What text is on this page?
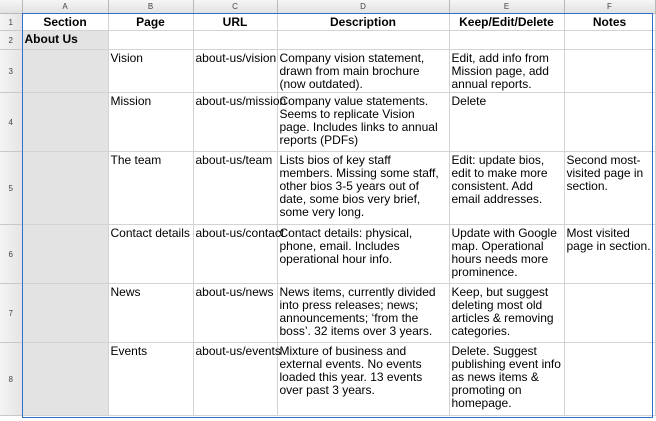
	A	B	C	D	E	F
1	Section	Page	URL	Description	Keep/Edit/Delete	Notes
2	About Us					
3		Vision	about-us/vision	Company vision statement, drawn from main brochure (now outdated).	Edit, add info from Mission page, add annual reports.	
4		Mission	about-us/mission	Company value statements. Seems to replicate Vision page. Includes links to annual reports (PDFs)	Delete	
5		The team	about-us/team	Lists bios of key staff members. Missing some staff, other bios 3-5 years out of date, some bios very brief, some very long.	Edit: update bios, edit to make more consistent. Add email addresses.	Second most-visited page in section.
6		Contact details	about-us/contact	Contact details: physical, phone, email. Includes operational hour info.	Update with Google map. Operational hours needs more prominence.	Most visited page in section.
7		News	about-us/news	News items, currently divided into press releases; news; announcements; ‘from the boss’. 32 items over 3 years.	Keep, but suggest deleting most old articles & removing categories.	
8		Events	about-us/events	Mixture of business and external events. No events loaded this year. 13 events over past 3 years.	Delete. Suggest publishing event info as news items & promoting on homepage.	
